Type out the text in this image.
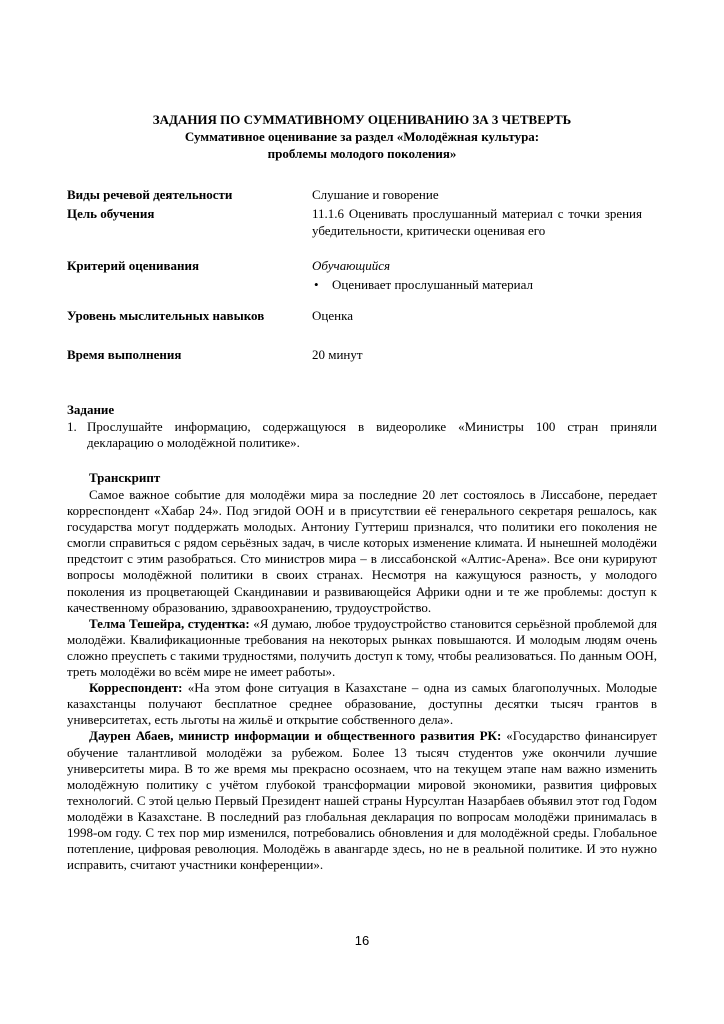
ЗАДАНИЯ ПО СУММАТИВНОМУ ОЦЕНИВАНИЮ ЗА 3 ЧЕТВЕРТЬ
Суммативное оценивание за раздел «Молодёжная культура:
проблемы молодого поколения»
Виды речевой деятельности	Слушание и говорение
Цель обучения	11.1.6 Оценивать прослушанный материал с точки зрения убедительности, критически оценивая его
Критерий оценивания	Обучающийся
• Оценивает прослушанный материал
Уровень мыслительных навыков	Оценка
Время выполнения	20 минут
Задание
1. Прослушайте информацию, содержащуюся в видеоролике «Министры 100 стран приняли декларацию о молодёжной политике».
Транскрипт

Самое важное событие для молодёжи мира за последние 20 лет состоялось в Лиссабоне, передает корреспондент «Хабар 24». Под эгидой ООН и в присутствии её генерального секретаря решалось, как государства могут поддержать молодых. Антониу Гуттериш признался, что политики его поколения не смогли справиться с рядом серьёзных задач, в числе которых изменение климата. И нынешней молодёжи предстоит с этим разобраться. Сто министров мира – в лиссабонской «Алтис-Арена». Все они курируют вопросы молодёжной политики в своих странах. Несмотря на кажущуюся разность, у молодого поколения из процветающей Скандинавии и развивающейся Африки одни и те же проблемы: доступ к качественному образованию, здравоохранению, трудоустройство.

Телма Тешейра, студентка: «Я думаю, любое трудоустройство становится серьёзной проблемой для молодёжи. Квалификационные требования на некоторых рынках повышаются. И молодым людям очень сложно преуспеть с такими трудностями, получить доступ к тому, чтобы реализоваться. По данным ООН, треть молодёжи во всём мире не имеет работы».

Корреспондент: «На этом фоне ситуация в Казахстане – одна из самых благополучных. Молодые казахстанцы получают бесплатное среднее образование, доступны десятки тысяч грантов в университетах, есть льготы на жильё и открытие собственного дела».

Даурен Абаев, министр информации и общественного развития РК: «Государство финансирует обучение талантливой молодёжи за рубежом. Более 13 тысяч студентов уже окончили лучшие университеты мира. В то же время мы прекрасно осознаем, что на текущем этапе нам важно изменить молодёжную политику с учётом глубокой трансформации мировой экономики, развития цифровых технологий. С этой целью Первый Президент нашей страны Нурсултан Назарбаев объявил этот год Годом молодёжи в Казахстане. В последний раз глобальная декларация по вопросам молодёжи принималась в 1998-ом году. С тех пор мир изменился, потребовались обновления и для молодёжной среды. Глобальное потепление, цифровая революция. Молодёжь в авангарде здесь, но не в реальной политике. И это нужно исправить, считают участники конференции».

16
